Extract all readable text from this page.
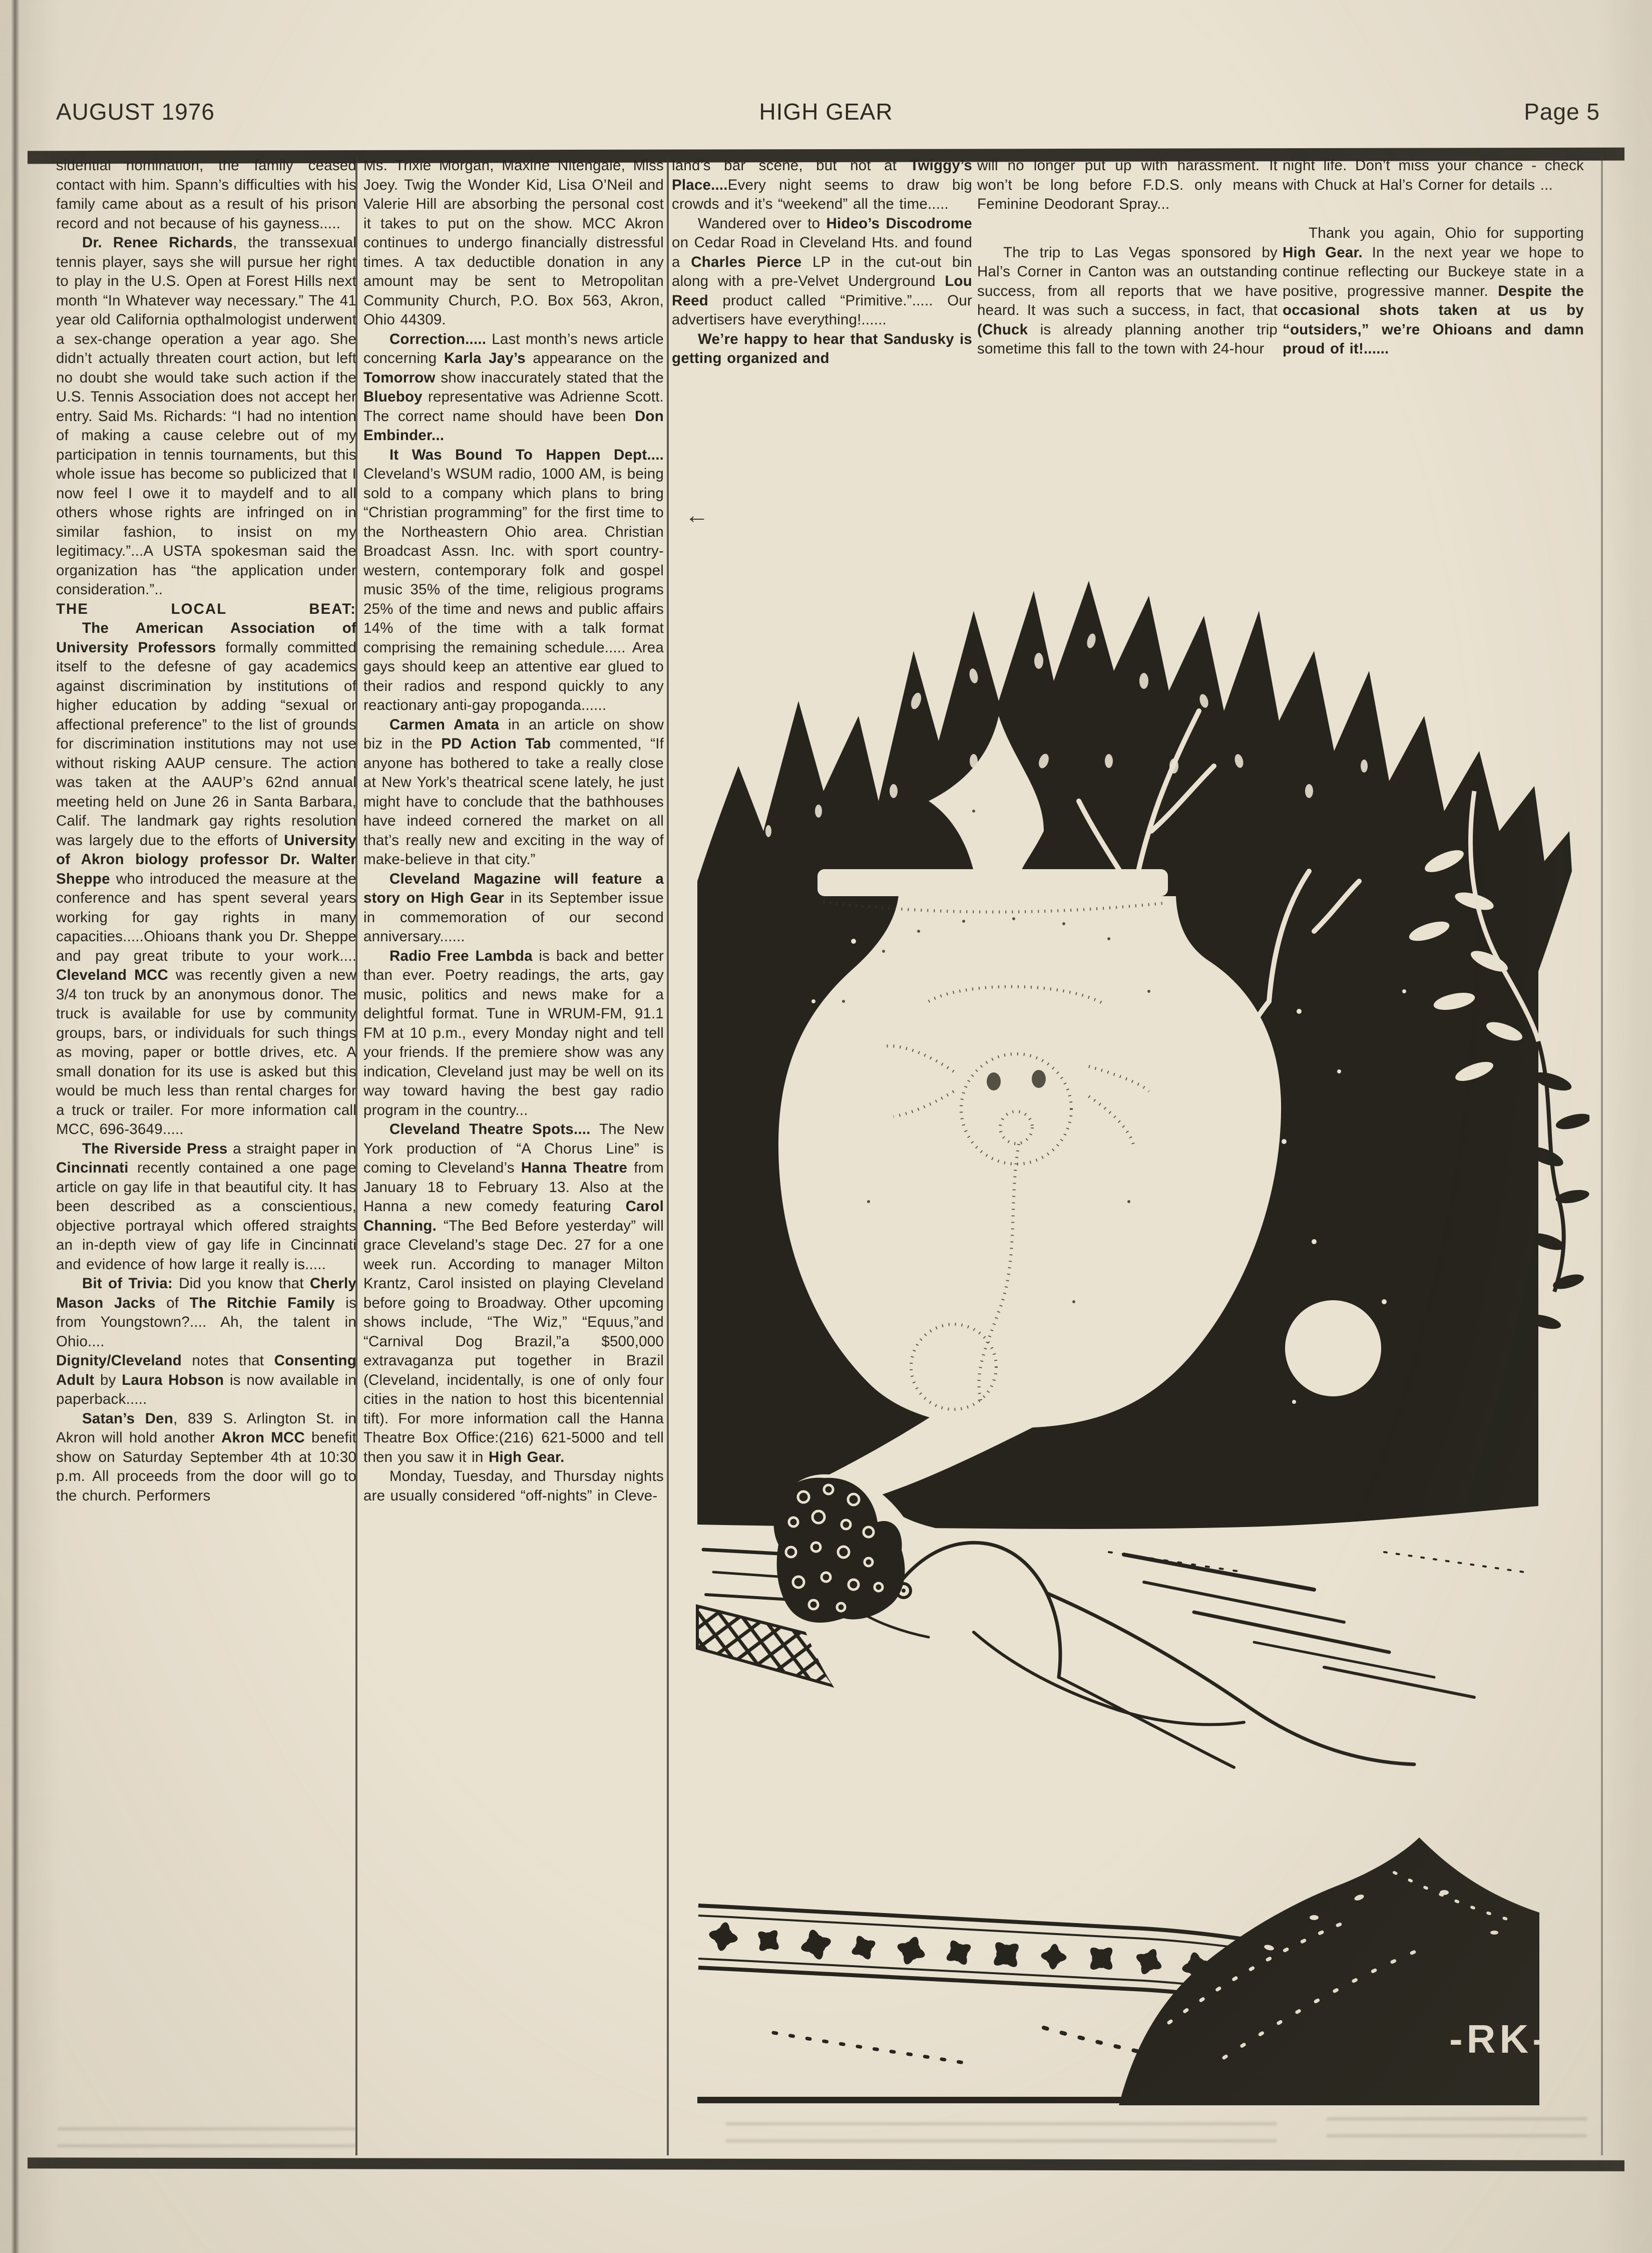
AUGUST 1976	HIGH GEAR	Page 5

sidential nomination, the family ceased contact with him. Spann’s difficulties with his family came about as a result of his prison record and not because of his gayness.....

Dr. Renee Richards, the transsexual tennis player, says she will pursue her right to play in the U.S. Open at Forest Hills next month “In Whatever way necessary.” The 41 year old California opthalmologist underwent a sex-change operation a year ago. She didn’t actually threaten court action, but left no doubt she would take such action if the U.S. Tennis Association does not accept her entry. Said Ms. Richards: “I had no intention of making a cause celebre out of my participation in tennis tournaments, but this whole issue has become so publicized that I now feel I owe it to maydelf and to all others whose rights are infringed on in similar fashion, to insist on my legitimacy.”...A USTA spokesman said the organization has “the application under consideration.”..

THE LOCAL BEAT:

The American Association of University Professors formally committed itself to the defesne of gay academics against discrimination by institutions of higher education by adding “sexual or affectional preference” to the list of grounds for discrimination institutions may not use without risking AAUP censure. The action was taken at the AAUP’s 62nd annual meeting held on June 26 in Santa Barbara, Calif. The landmark gay rights resolution was largely due to the efforts of University of Akron biology professor Dr. Walter Sheppe who introduced the measure at the conference and has spent several years working for gay rights in many capacities.....Ohioans thank you Dr. Sheppe and pay great tribute to your work.... Cleveland MCC was recently given a new 3/4 ton truck by an anonymous donor. The truck is available for use by community groups, bars, or individuals for such things as moving, paper or bottle drives, etc. A small donation for its use is asked but this would be much less than rental charges for a truck or trailer. For more information call MCC, 696-3649.....

The Riverside Press a straight paper in Cincinnati recently contained a one page article on gay life in that beautiful city. It has been described as a conscientious, objective portrayal which offered straights an in-depth view of gay life in Cincinnati and evidence of how large it really is.....

Bit of Trivia: Did you know that Cherly Mason Jacks of The Ritchie Family is from Youngstown?.... Ah, the talent in Ohio....

Dignity/Cleveland notes that Consenting Adult by Laura Hobson is now available in paperback.....

Satan’s Den, 839 S. Arlington St. in Akron will hold another Akron MCC benefit show on Saturday September 4th at 10:30 p.m. All proceeds from the door will go to the church. Performers

Ms. Trixie Morgan, Maxine Nitengale, Miss Joey. Twig the Wonder Kid, Lisa O’Neil and Valerie Hill are absorbing the personal cost it takes to put on the show. MCC Akron continues to undergo financially distressful times. A tax deductible donation in any amount may be sent to Metropolitan Community Church, P.O. Box 563, Akron, Ohio 44309.

Correction..... Last month’s news article concerning Karla Jay’s appearance on the Tomorrow show inaccurately stated that the Blueboy representative was Adrienne Scott. The correct name should have been Don Embinder...

It Was Bound To Happen Dept.... Cleveland’s WSUM radio, 1000 AM, is being sold to a company which plans to bring “Christian programming” for the first time to the Northeastern Ohio area. Christian Broadcast Assn. Inc. with sport country-western, contemporary folk and gospel music 35% of the time, religious programs 25% of the time and news and public affairs 14% of the time with a talk format comprising the remaining schedule..... Area gays should keep an attentive ear glued to their radios and respond quickly to any reactionary anti-gay propoganda......

Carmen Amata in an article on show biz in the PD Action Tab commented, “If anyone has bothered to take a really close at New York’s theatrical scene lately, he just might have to conclude that the bathhouses have indeed cornered the market on all that’s really new and exciting in the way of make-believe in that city.”

Cleveland Magazine will feature a story on High Gear in its September issue in commemoration of our second anniversary......

Radio Free Lambda is back and better than ever. Poetry readings, the arts, gay music, politics and news make for a delightful format. Tune in WRUM-FM, 91.1 FM at 10 p.m., every Monday night and tell your friends. If the premiere show was any indication, Cleveland just may be well on its way toward having the best gay radio program in the country...

Cleveland Theatre Spots.... The New York production of “A Chorus Line” is coming to Cleveland’s Hanna Theatre from January 18 to February 13. Also at the Hanna a new comedy featuring Carol Channing. “The Bed Before yesterday” will grace Cleveland’s stage Dec. 27 for a one week run. According to manager Milton Krantz, Carol insisted on playing Cleveland before going to Broadway. Other upcoming shows include, “The Wiz,” “Equus,”and “Carnival Dog Brazil,”a $500,000 extravaganza put together in Brazil (Cleveland, incidentally, is one of only four cities in the nation to host this bicentennial tift). For more information call the Hanna Theatre Box Office:(216) 621-5000 and tell then you saw it in High Gear.

Monday, Tuesday, and Thursday nights are usually considered “off-nights” in Cleve-

land’s bar scene, but not at Twiggy’s Place....Every night seems to draw big crowds and it’s “weekend” all the time.....

Wandered over to Hideo’s Discodrome on Cedar Road in Cleveland Hts. and found a Charles Pierce LP in the cut-out bin along with a pre-Velvet Underground Lou Reed product called “Primitive.”..... Our advertisers have everything!......

We’re happy to hear that Sandusky is getting organized and

will no longer put up with harassment. It won’t be long before F.D.S. only means Feminine Deodorant Spray...

The trip to Las Vegas sponsored by Hal’s Corner in Canton was an outstanding success, from all reports that we have heard. It was such a success, in fact, that (Chuck is already planning another trip sometime this fall to the town with 24-hour

night life. Don’t miss your chance - check with Chuck at Hal’s Corner for details ...

Thank you again, Ohio for supporting High Gear. In the next year we hope to continue reflecting our Buckeye state in a positive, progressive manner. Despite the occasional shots taken at us by “outsiders,” we’re Ohioans and damn proud of it!......

←
-RK-
